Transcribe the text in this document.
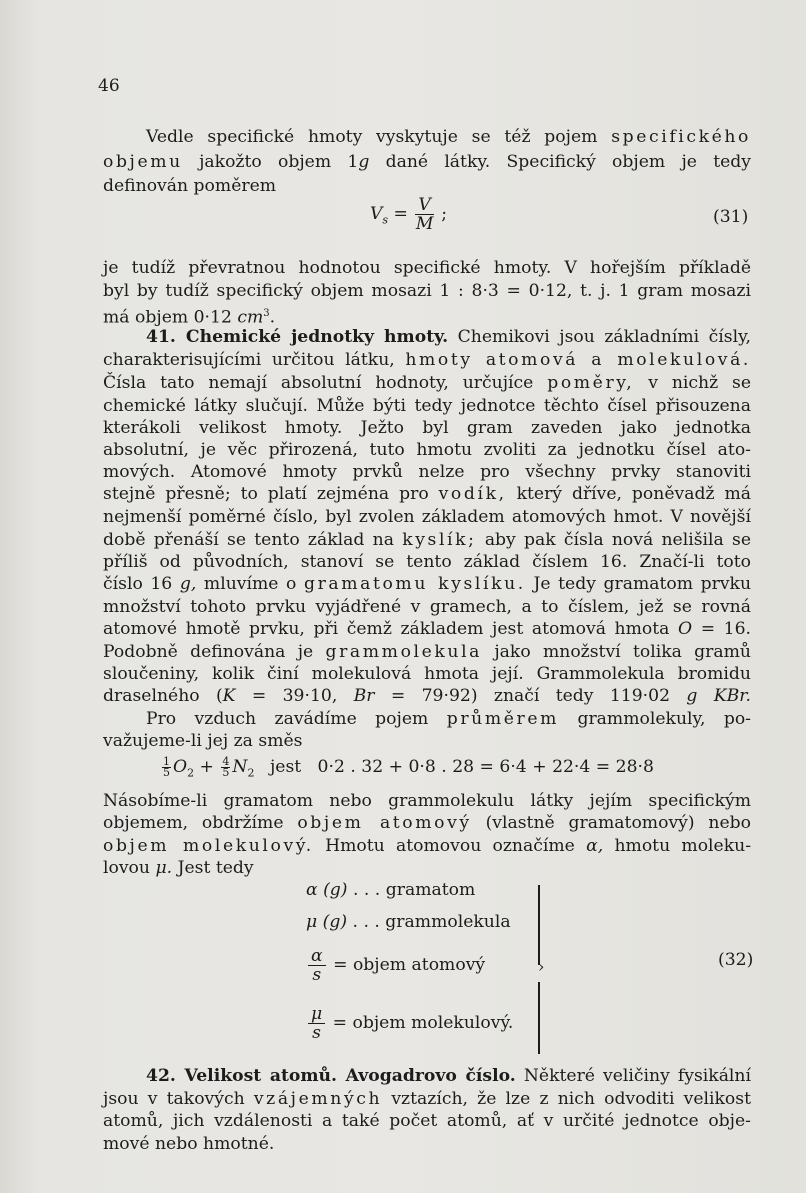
46
Vedle specifické hmoty vyskytuje se též pojem specifického
objemu jakožto objem 1g dané látky. Specifický objem je tedy
definován poměrem
$V_s = \frac{V}{M}$ ;	(31)
je tudíž převratnou hodnotou specifické hmoty. V hořejším příkladě
byl by tudíž specifický objem mosazi 1 : 8·3 = 0·12, t. j. 1 gram mosazi
má objem 0·12 $cm^3$.
41. Chemické jednotky hmoty. Chemikovi jsou základními čísly,
charakterisujícími určitou látku, hmoty atomová a molekulová.
Čísla tato nemají absolutní hodnoty, určujíce poměry, v nichž se
chemické látky slučují. Může býti tedy jednotce těchto čísel přisouzena
kterákoli velikost hmoty. Ježto byl gram zaveden jako jednotka
absolutní, je věc přirozená, tuto hmotu zvoliti za jednotku čísel ato-
mových. Atomové hmoty prvků nelze pro všechny prvky stanoviti
stejně přesně; to platí zejména pro vodík, který dříve, poněvadž má
nejmenší poměrné číslo, byl zvolen základem atomových hmot. V novější
době přenáší se tento základ na kyslík; aby pak čísla nová nelišila se
příliš od původních, stanoví se tento základ číslem 16. Značí-li toto
číslo 16 g, mluvíme o gramatomu kyslíku. Je tedy gramatom prvku
množství tohoto prvku vyjádřené v gramech, a to číslem, jež se rovná
atomové hmotě prvku, při čemž základem jest atomová hmota O = 16.
Podobně definována je grammolekula jako množství tolika gramů
sloučeniny, kolik činí molekulová hmota její. Grammolekula bromidu
draselného (K = 39·10, Br = 79·92) značí tedy 119·02 g KBr.
Pro vzduch zavádíme pojem průměrem grammolekuly, po-
važujeme-li jej za směs
$\frac{1}{5} O_2 + \frac{4}{5} N_2$ jest   0·2 . 32 + 0·8 . 28 = 6·4 + 22·4 = 28·8
Násobíme-li gramatom nebo grammolekulu látky jejím specifickým
objemem, obdržíme objem atomový (vlastně gramatomový) nebo
objem molekulový. Hmotu atomovou označíme α, hmotu moleku-
lovou μ. Jest tedy
α (g) . . . gramatom
μ (g) . . . grammolekula
$\frac{\alpha}{s}$ = objem atomový
$\frac{\mu}{s}$ = objem molekulový.
›	(32)
42. Velikost atomů. Avogadrovo číslo. Některé veličiny fysikální
jsou v takových vzájemných vztazích, že lze z nich odvoditi velikost
atomů, jich vzdálenosti a také počet atomů, ať v určité jednotce obje-
mové nebo hmotné.
